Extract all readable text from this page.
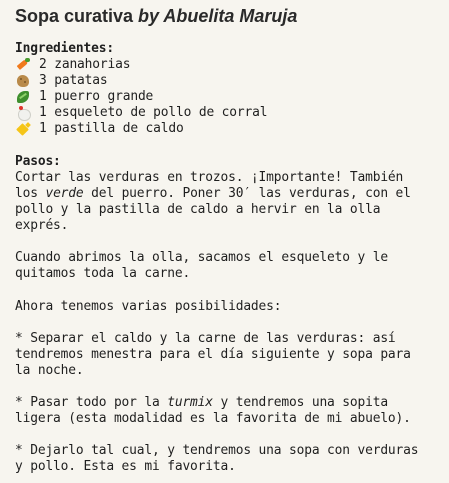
Sopa curativa by Abuelita Maruja
Ingredientes:
2 zanahorias
3 patatas
1 puerro grande
1 esqueleto de pollo de corral
1 pastilla de caldo
Pasos:

Cortar las verduras en trozos. ¡Importante! También
los verde del puerro. Poner 30′ las verduras, con el
pollo y la pastilla de caldo a hervir en la olla
exprés.

Cuando abrimos la olla, sacamos el esqueleto y le
quitamos toda la carne.

Ahora tenemos varias posibilidades:

* Separar el caldo y la carne de las verduras: así
tendremos menestra para el día siguiente y sopa para
la noche.

* Pasar todo por la turmix y tendremos una sopita
ligera (esta modalidad es la favorita de mi abuelo).

* Dejarlo tal cual, y tendremos una sopa con verduras
y pollo. Esta es mi favorita.
